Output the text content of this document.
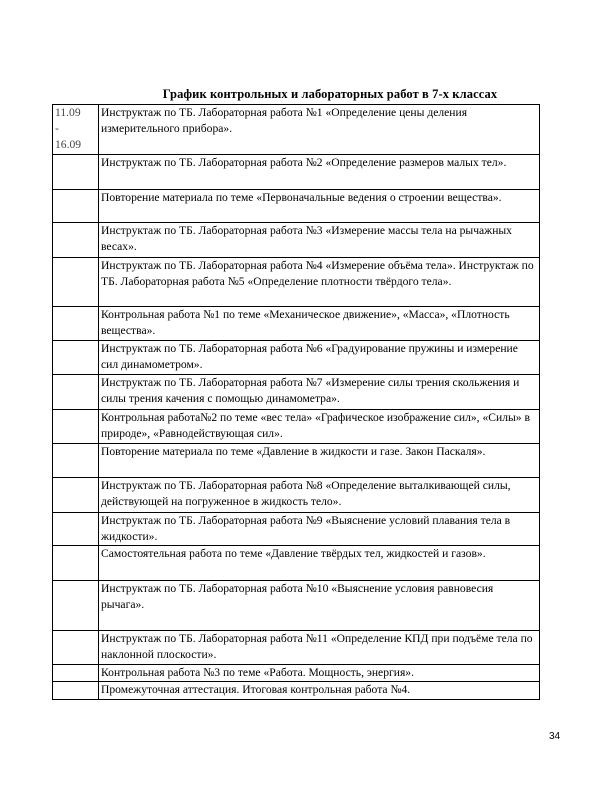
График контрольных и лабораторных работ в 7-х классах
11.09
-
16.09	Инструктаж по ТБ. Лабораторная работа №1 «Определение цены деления измерительного прибора».

	Инструктаж по ТБ. Лабораторная работа №2 «Определение размеров малых тел».

	Повторение материала по теме «Первоначальные ведения о строении вещества».

	Инструктаж по ТБ. Лабораторная работа №3 «Измерение массы тела на рычажных весах».

	Инструктаж по ТБ. Лабораторная работа №4 «Измерение объёма тела». Инструктаж по ТБ. Лабораторная работа №5 «Определение плотности твёрдого тела».

	Контрольная работа №1 по теме «Механическое движение», «Масса», «Плотность вещества».

	Инструктаж по ТБ. Лабораторная работа №6 «Градуирование пружины и измерение сил динамометром».

	Инструктаж по ТБ. Лабораторная работа №7 «Измерение силы трения скольжения и силы трения качения с помощью динамометра».

	Контрольная работа№2 по теме «вес тела» «Графическое изображение сил», «Силы» в природе», «Равнодействующая сил».

	Повторение материала по теме «Давление в жидкости и газе. Закон Паскаля».

	Инструктаж по ТБ. Лабораторная работа №8 «Определение выталкивающей силы, действующей на погруженное в жидкость тело».

	Инструктаж по ТБ. Лабораторная работа №9 «Выяснение условий плавания тела в жидкости».

	Самостоятельная работа по теме «Давление твёрдых тел, жидкостей и газов».

	Инструктаж по ТБ. Лабораторная работа №10 «Выяснение условия равновесия рычага».

	Инструктаж по ТБ. Лабораторная работа №11 «Определение КПД при подъёме тела по наклонной плоскости».

	Контрольная работа №3 по теме «Работа. Мощность, энергия».

	Промежуточная аттестация. Итоговая контрольная работа №4.
34
